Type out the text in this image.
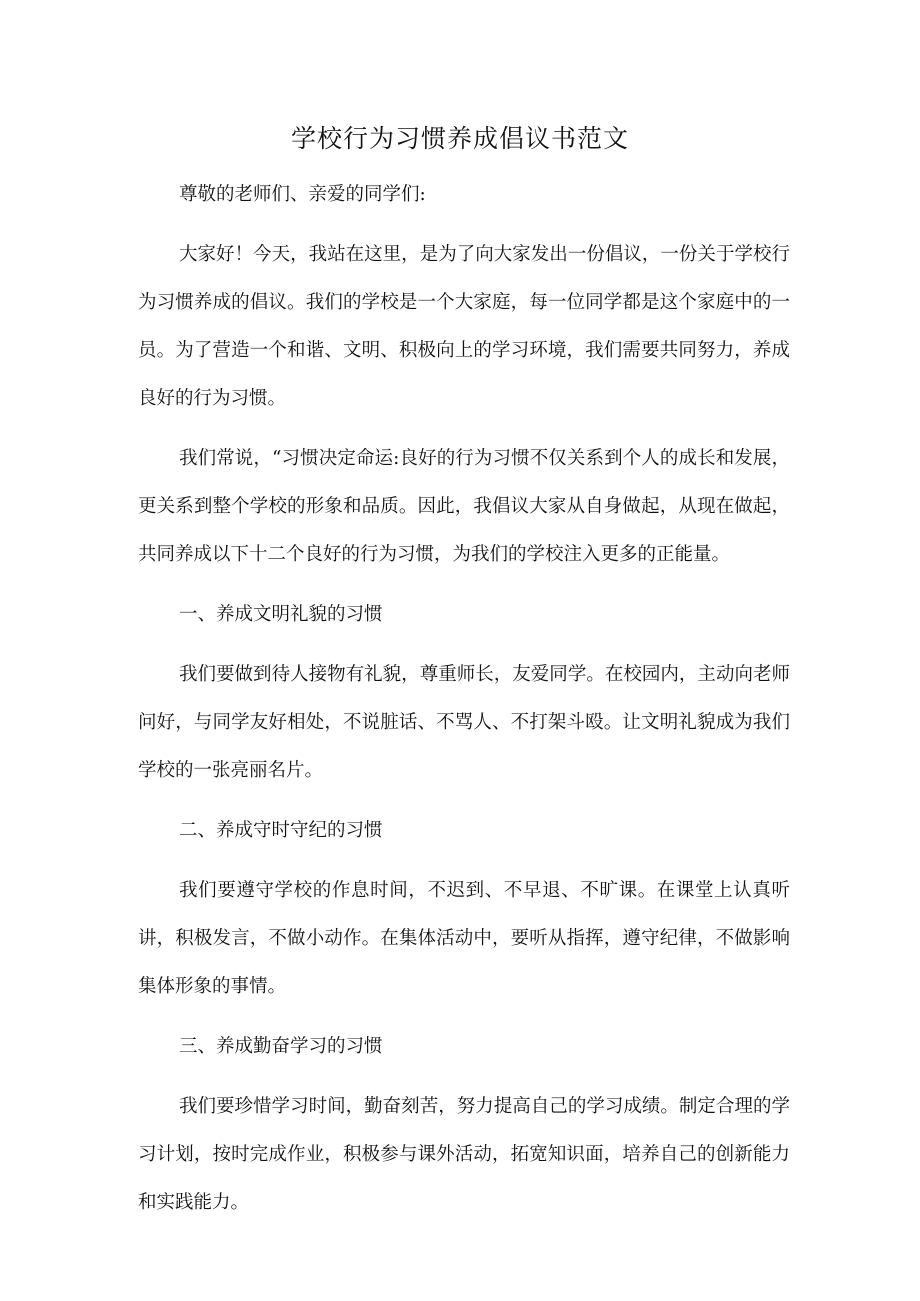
学校行为习惯养成倡议书范文

尊敬的老师们、亲爱的同学们:

大家好！今天，我站在这里，是为了向大家发出一份倡议，一份关于学校行为习惯养成的倡议。我们的学校是一个大家庭，每一位同学都是这个家庭中的一员。为了营造一个和谐、文明、积极向上的学习环境，我们需要共同努力，养成良好的行为习惯。

我们常说，“习惯决定命运:良好的行为习惯不仅关系到个人的成长和发展，更关系到整个学校的形象和品质。因此，我倡议大家从自身做起，从现在做起，共同养成以下十二个良好的行为习惯，为我们的学校注入更多的正能量。

一、养成文明礼貌的习惯

我们要做到待人接物有礼貌，尊重师长，友爱同学。在校园内，主动向老师问好，与同学友好相处，不说脏话、不骂人、不打架斗殴。让文明礼貌成为我们学校的一张亮丽名片。

二、养成守时守纪的习惯

我们要遵守学校的作息时间，不迟到、不早退、不旷课。在课堂上认真听讲，积极发言，不做小动作。在集体活动中，要听从指挥，遵守纪律，不做影响集体形象的事情。

三、养成勤奋学习的习惯

我们要珍惜学习时间，勤奋刻苦，努力提高自己的学习成绩。制定合理的学习计划，按时完成作业，积极参与课外活动，拓宽知识面，培养自己的创新能力和实践能力。
